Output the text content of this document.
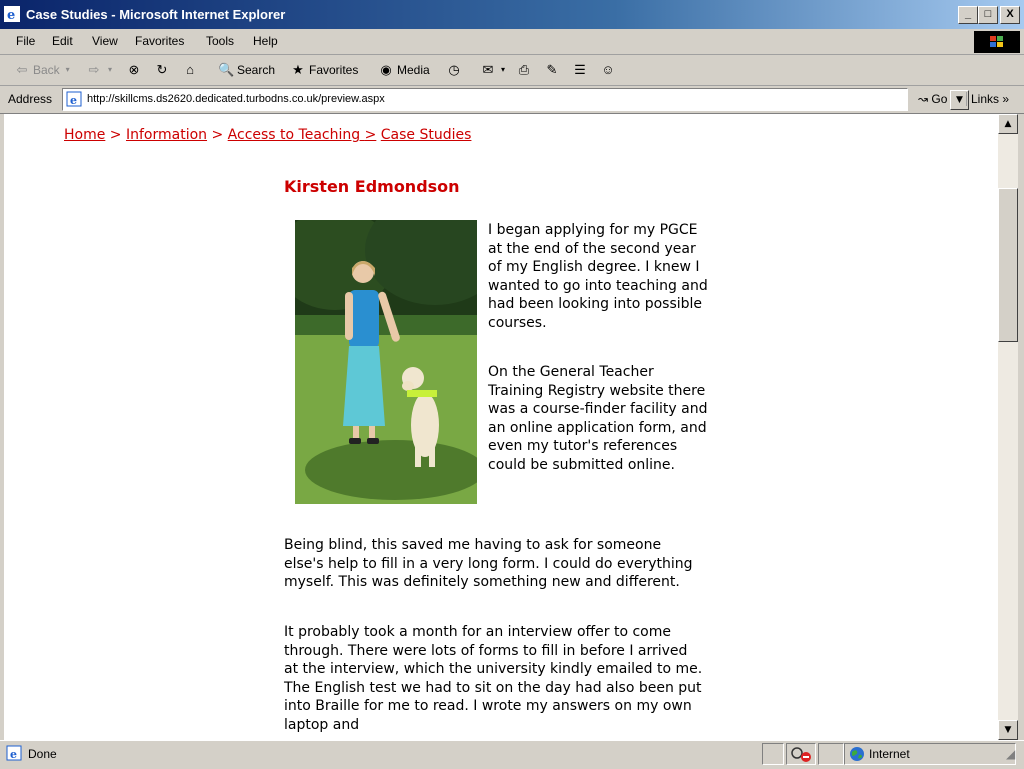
e Case Studies - Microsoft Internet Explorer	_	□	X
File Edit View Favorites Tools Help
⇦ Back ▾ ⇨	▾ ⊗ ↻	⌂	🔍 Search ★ Favorites ◉ Media ◷ ✉ ▾ ⎙ ✎ ☰ ☺
Address e http://skillcms.ds2620.dedicated.turbodns.co.uk/preview.aspx	▼
↝ Go	Links »
Home > Information > Access to Teaching > Case Studies
Kirsten Edmondson

I began applying for my PGCE at the end of the second year of my English degree. I knew I wanted to go into teaching and had been looking into possible courses.

On the General Teacher Training Registry website there was a course-finder facility and an online application form, and even my tutor's references could be submitted online.

Being blind, this saved me having to ask for someone else's help to fill in a very long form. I could do everything myself. This was definitely something new and different.

It probably took a month for an interview offer to come through. There were lots of forms to fill in before I arrived at the interview, which the university kindly emailed to me. The English test we had to sit on the day had also been put into Braille for me to read. I wrote my answers on my own laptop and

▲
▼
e Done	Internet	◢
